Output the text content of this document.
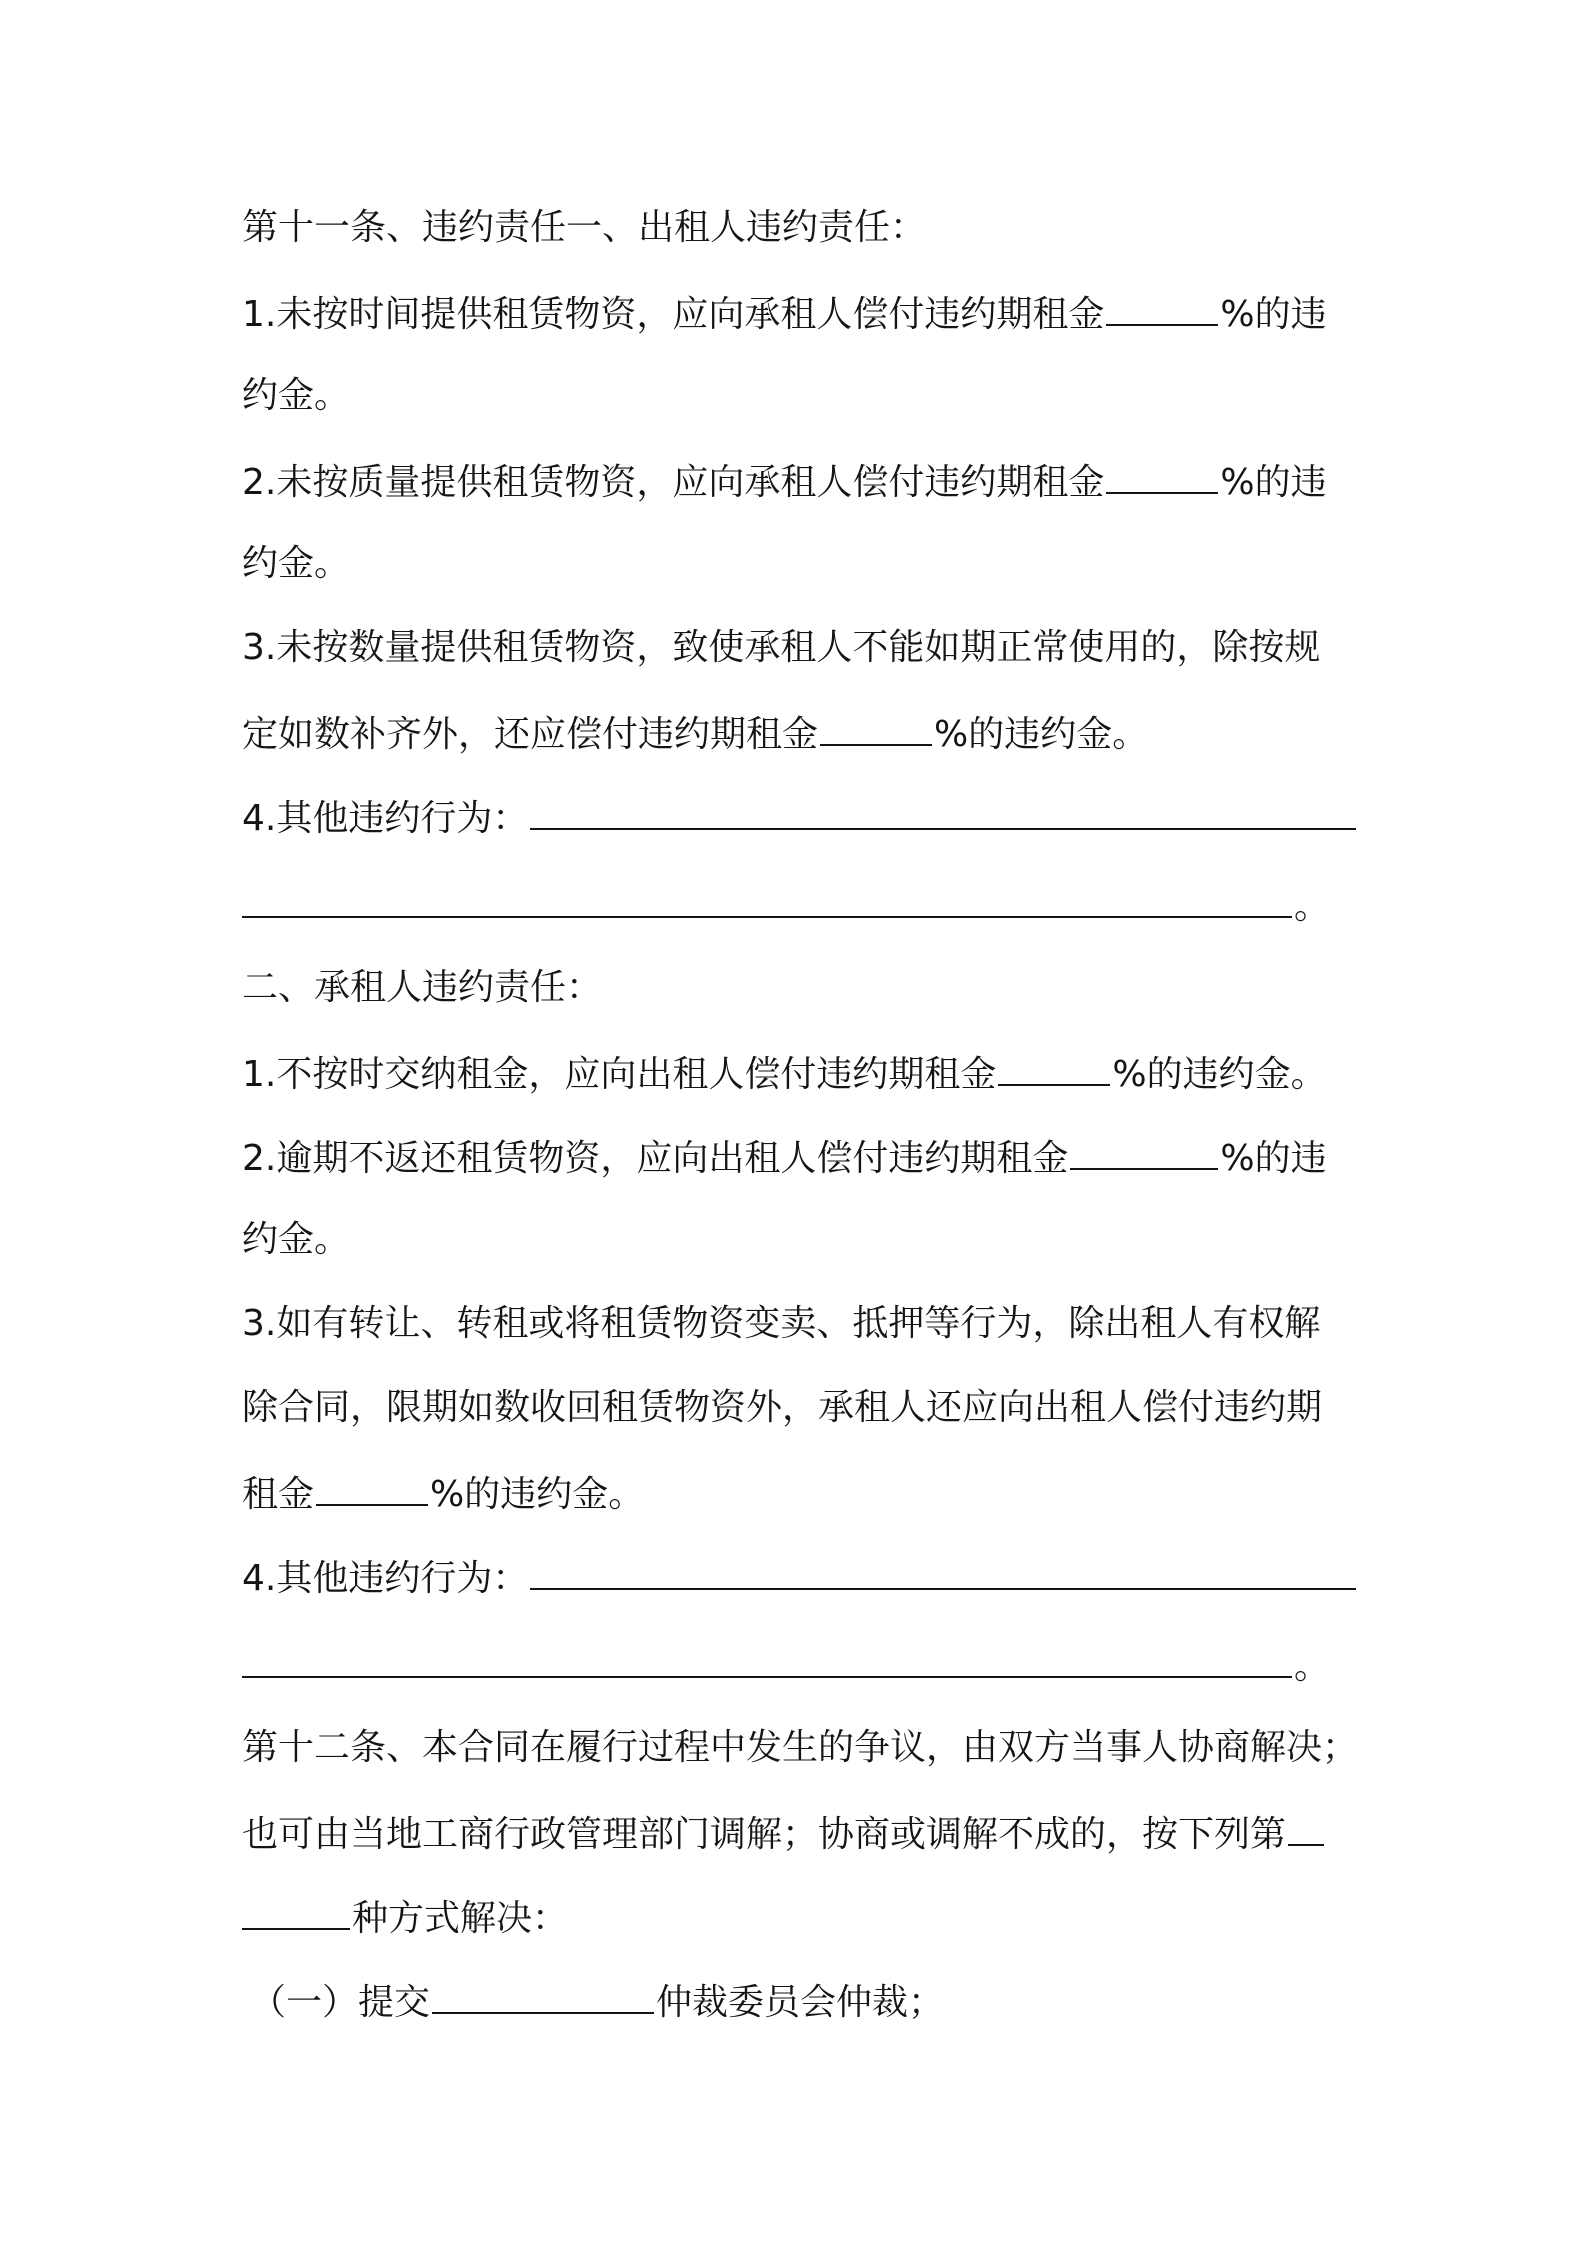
第十一条、违约责任一、出租人违约责任：
1.未按时间提供租赁物资，应向承租人偿付违约期租金	%的违
约金。
2.未按质量提供租赁物资，应向承租人偿付违约期租金	%的违
约金。
3.未按数量提供租赁物资，致使承租人不能如期正常使用的，除按规
定如数补齐外，还应偿付违约期租金	%的违约金。
4.其他违约行为：
。
二、承租人违约责任：
1.不按时交纳租金，应向出租人偿付违约期租金	%的违约金。
2.逾期不返还租赁物资，应向出租人偿付违约期租金	%的违
约金。
3.如有转让、转租或将租赁物资变卖、抵押等行为，除出租人有权解
除合同，限期如数收回租赁物资外，承租人还应向出租人偿付违约期
租金	%的违约金。
4.其他违约行为：
。
第十二条、本合同在履行过程中发生的争议，由双方当事人协商解决；
也可由当地工商行政管理部门调解；协商或调解不成的，按下列第
种方式解决：
（一）提交	仲裁委员会仲裁；
